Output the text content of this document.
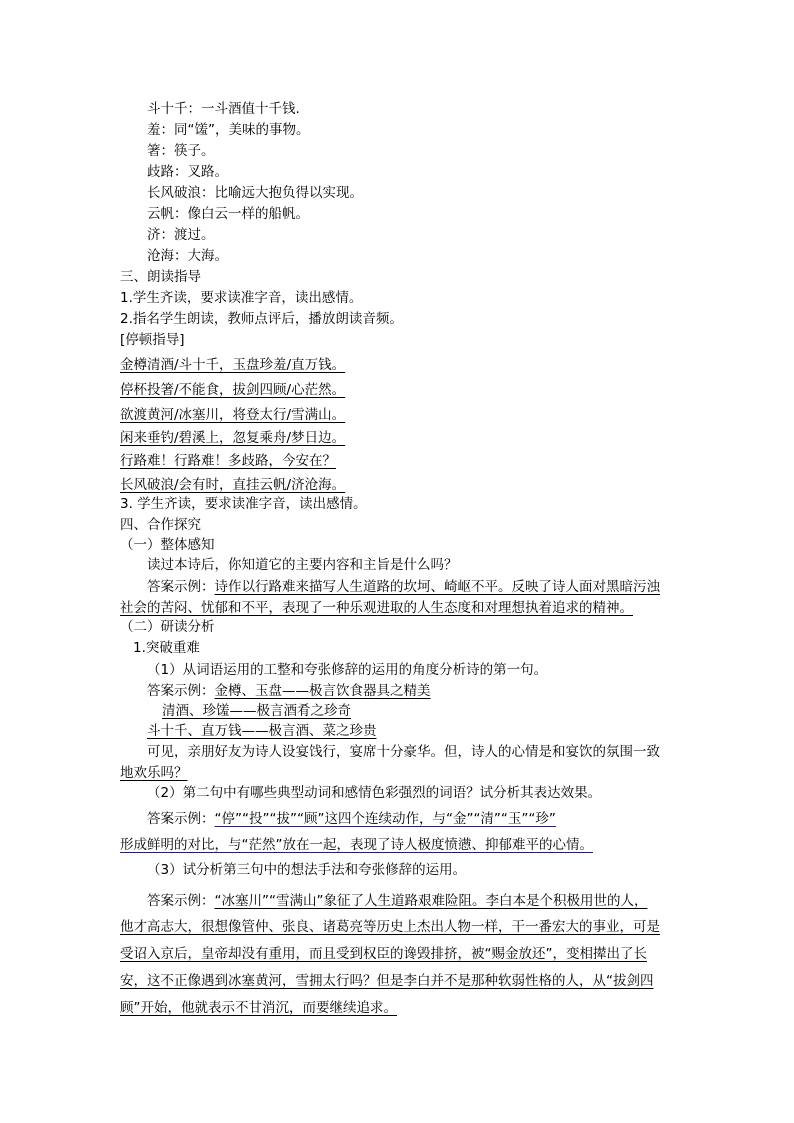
斗十千：一斗酒值十千钱.
羞：同“馐”，美味的事物。
箸：筷子。
歧路：叉路。
长风破浪：比喻远大抱负得以实现。
云帆：像白云一样的船帆。
济：渡过。
沧海：大海。
三、朗读指导
1.学生齐读，要求读准字音，读出感情。
2.指名学生朗读，教师点评后，播放朗读音频。
[停顿指导]
金樽清酒/斗十千，玉盘珍羞/直万钱。
停杯投箸/不能食，拔剑四顾/心茫然。
欲渡黄河/冰塞川，将登太行/雪满山。
闲来垂钓/碧溪上，忽复乘舟/梦日边。
行路难！行路难！多歧路，今安在？
长风破浪/会有时，直挂云帆/济沧海。
3. 学生齐读，要求读准字音，读出感情。
四、合作探究
（一）整体感知
读过本诗后，你知道它的主要内容和主旨是什么吗？
答案示例：诗作以行路难来描写人生道路的坎坷、崎岖不平。反映了诗人面对黑暗污浊
社会的苦闷、忧郁和不平，表现了一种乐观进取的人生态度和对理想执着追求的精神。
（二）研读分析
1.突破重难
（1）从词语运用的工整和夸张修辞的运用的角度分析诗的第一句。
答案示例：金樽、玉盘——极言饮食器具之精美
清酒、珍馐——极言酒肴之珍奇
斗十千、直万钱——极言酒、菜之珍贵
可见，亲朋好友为诗人设宴饯行，宴席十分豪华。但，诗人的心情是和宴饮的氛围一致
地欢乐吗？
（2）第二句中有哪些典型动词和感情色彩强烈的词语？试分析其表达效果。
答案示例：“停”“投”“拔”“顾”这四个连续动作，与“金”“清”“玉”“珍”
形成鲜明的对比，与“茫然”放在一起，表现了诗人极度愤懑、抑郁难平的心情。
（3）试分析第三句中的想法手法和夸张修辞的运用。
答案示例：“冰塞川”“雪满山”象征了人生道路艰难险阻。李白本是个积极用世的人，
他才高志大，很想像管仲、张良、诸葛亮等历史上杰出人物一样，干一番宏大的事业，可是
受诏入京后，皇帝却没有重用，而且受到权臣的谗毁排挤，被“赐金放还”，变相撵出了长
安，这不正像遇到冰塞黄河，雪拥太行吗？但是李白并不是那种软弱性格的人，从“拔剑四
顾”开始，他就表示不甘消沉，而要继续追求。
